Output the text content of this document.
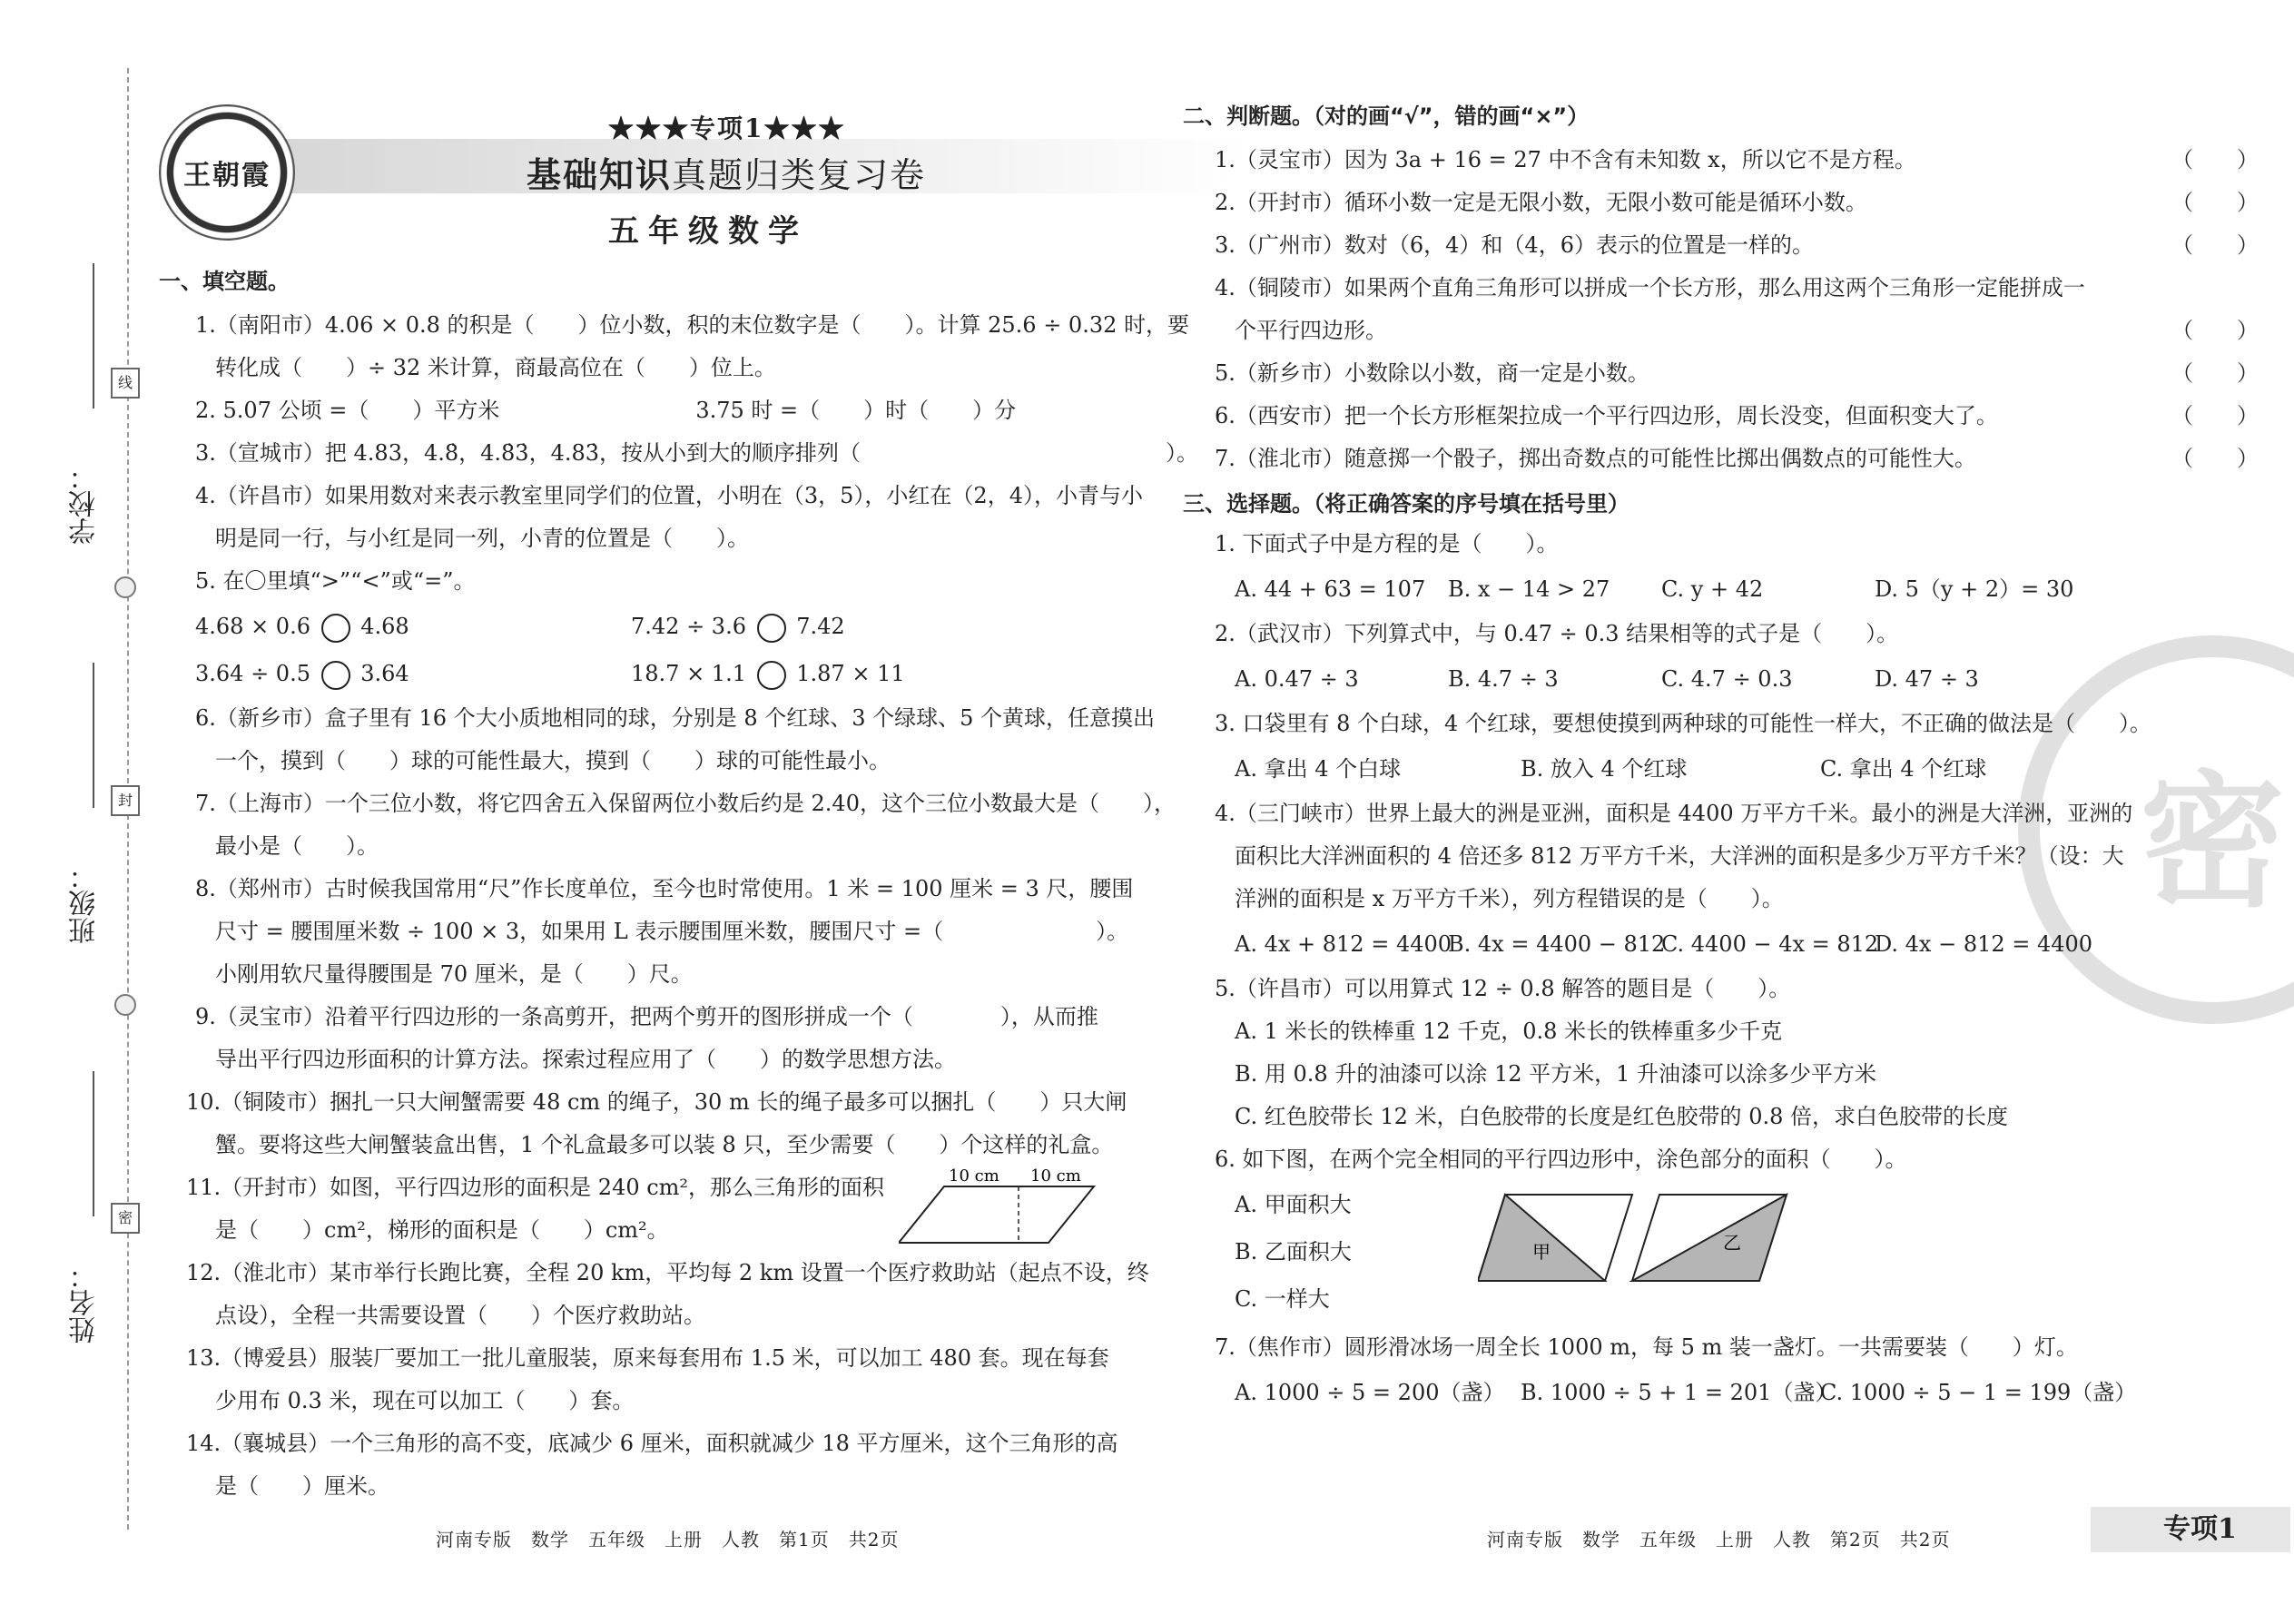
学校：
线
班级：
封
姓名：
密
王朝霞
★★★专项1★★★
基础知识真题归类复习卷
五年级数学
一、填空题。
1.（南阳市）4.06 × 0.8 的积是（　　）位小数，积的末位数字是（　　）。计算 25.6 ÷ 0.32 时，要
转化成（　　）÷ 32 米计算，商最高位在（　　）位上。
2. 5.07 公顷 =（　　）平方米　　　　　　　　　3.75 时 =（　　）时（　　）分
3.（宣城市）把 4.83，4.8̇，4.8̇3̇，4.83̇，按从小到大的顺序排列（　　　　　　　　　　　　　　）。
4.（许昌市）如果用数对来表示教室里同学们的位置，小明在（3，5），小红在（2，4），小青与小
明是同一行，与小红是同一列，小青的位置是（　　）。
5. 在〇里填“>”“<”或“=”。
4.68 × 0.6 4.68	7.42 ÷ 3.6 7.42
3.64 ÷ 0.5 3.64	18.7 × 1.1 1.87 × 11
6.（新乡市）盒子里有 16 个大小质地相同的球，分别是 8 个红球、3 个绿球、5 个黄球，任意摸出
一个，摸到（　　）球的可能性最大，摸到（　　）球的可能性最小。
7.（上海市）一个三位小数，将它四舍五入保留两位小数后约是 2.40，这个三位小数最大是（　　），
最小是（　　）。
8.（郑州市）古时候我国常用“尺”作长度单位，至今也时常使用。1 米 = 100 厘米 = 3 尺，腰围
尺寸 = 腰围厘米数 ÷ 100 × 3，如果用 L 表示腰围厘米数，腰围尺寸 =（　　　　　　　）。
小刚用软尺量得腰围是 70 厘米，是（　　）尺。
9.（灵宝市）沿着平行四边形的一条高剪开，把两个剪开的图形拼成一个（　　　　），从而推
导出平行四边形面积的计算方法。探索过程应用了（　　）的数学思想方法。
10.（铜陵市）捆扎一只大闸蟹需要 48 cm 的绳子，30 m 长的绳子最多可以捆扎（　　）只大闸
蟹。要将这些大闸蟹装盒出售，1 个礼盒最多可以装 8 只，至少需要（　　）个这样的礼盒。
11.（开封市）如图，平行四边形的面积是 240 cm²，那么三角形的面积
是（　　）cm²，梯形的面积是（　　）cm²。
10 cm 10 cm
12.（淮北市）某市举行长跑比赛，全程 20 km，平均每 2 km 设置一个医疗救助站（起点不设，终
点设），全程一共需要设置（　　）个医疗救助站。
13.（博爱县）服装厂要加工一批儿童服装，原来每套用布 1.5 米，可以加工 480 套。现在每套
少用布 0.3 米，现在可以加工（　　）套。
14.（襄城县）一个三角形的高不变，底减少 6 厘米，面积就减少 18 平方厘米，这个三角形的高
是（　　）厘米。
河南专版　数学　五年级　上册　人教　第1页　共2页
密
二、判断题。（对的画“√”，错的画“×”）
1.（灵宝市）因为 3a + 16 = 27 中不含有未知数 x，所以它不是方程。	（　　）
2.（开封市）循环小数一定是无限小数，无限小数可能是循环小数。	（　　）
3.（广州市）数对（6，4）和（4，6）表示的位置是一样的。	（　　）
4.（铜陵市）如果两个直角三角形可以拼成一个长方形，那么用这两个三角形一定能拼成一
个平行四边形。	（　　）
5.（新乡市）小数除以小数，商一定是小数。	（　　）
6.（西安市）把一个长方形框架拉成一个平行四边形，周长没变，但面积变大了。	（　　）
7.（淮北市）随意掷一个骰子，掷出奇数点的可能性比掷出偶数点的可能性大。	（　　）
三、选择题。（将正确答案的序号填在括号里）
1. 下面式子中是方程的是（　　）。
A. 44 + 63 = 107	B. x − 14 > 27	C. y + 42	D. 5（y + 2）= 30
2.（武汉市）下列算式中，与 0.47 ÷ 0.3 结果相等的式子是（　　）。
A. 0.47 ÷ 3	B. 4.7 ÷ 3	C. 4.7 ÷ 0.3	D. 47 ÷ 3
3. 口袋里有 8 个白球，4 个红球，要想使摸到两种球的可能性一样大，不正确的做法是（　　）。
A. 拿出 4 个白球	B. 放入 4 个红球	C. 拿出 4 个红球
4.（三门峡市）世界上最大的洲是亚洲，面积是 4400 万平方千米。最小的洲是大洋洲，亚洲的
面积比大洋洲面积的 4 倍还多 812 万平方千米，大洋洲的面积是多少万平方千米？（设：大
洋洲的面积是 x 万平方千米），列方程错误的是（　　）。
A. 4x + 812 = 4400
B. 4x = 4400 − 812
C. 4400 − 4x = 812
D. 4x − 812 = 4400
5.（许昌市）可以用算式 12 ÷ 0.8 解答的题目是（　　）。
A. 1 米长的铁棒重 12 千克，0.8 米长的铁棒重多少千克
B. 用 0.8 升的油漆可以涂 12 平方米，1 升油漆可以涂多少平方米
C. 红色胶带长 12 米，白色胶带的长度是红色胶带的 0.8 倍，求白色胶带的长度
6. 如下图，在两个完全相同的平行四边形中，涂色部分的面积（　　）。
A. 甲面积大
B. 乙面积大
C. 一样大
甲	乙
7.（焦作市）圆形滑冰场一周全长 1000 m，每 5 m 装一盏灯。一共需要装（　　）灯。
A. 1000 ÷ 5 = 200（盏） B. 1000 ÷ 5 + 1 = 201（盏）
C. 1000 ÷ 5 − 1 = 199（盏）
河南专版　数学　五年级　上册　人教　第2页　共2页	专项1
